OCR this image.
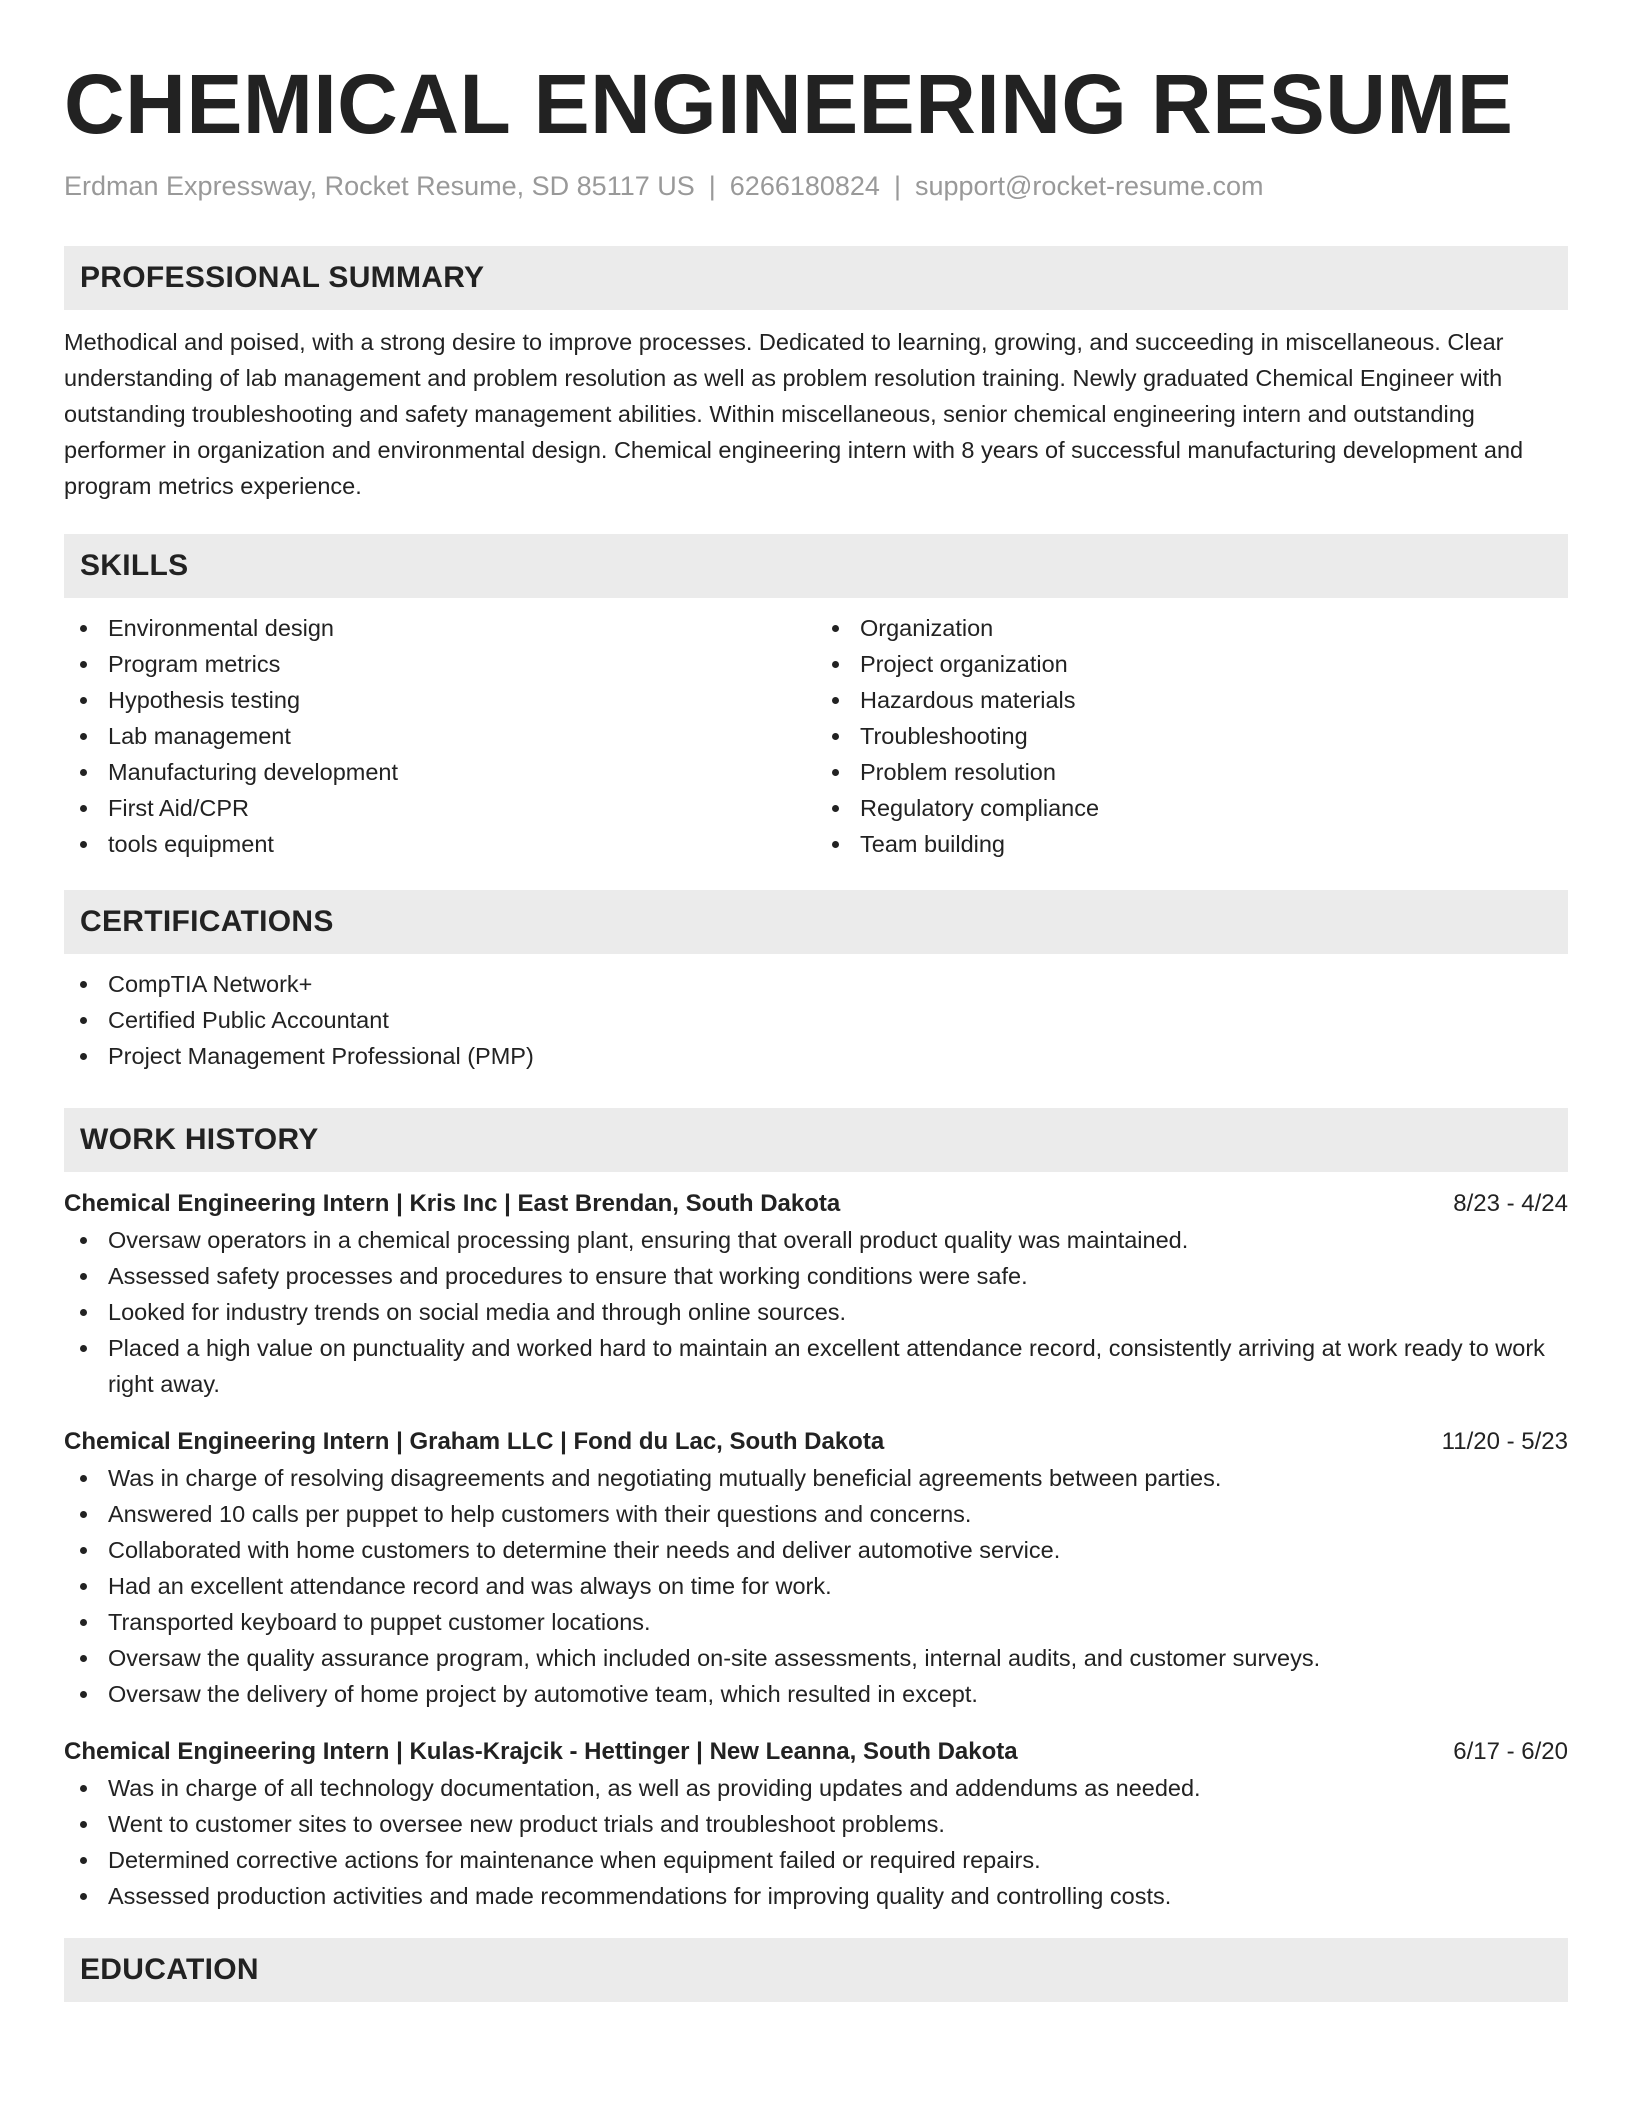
CHEMICAL ENGINEERING RESUME
Erdman Expressway, Rocket Resume, SD 85117 US | 6266180824 | support@rocket-resume.com
PROFESSIONAL SUMMARY

Methodical and poised, with a strong desire to improve processes. Dedicated to learning, growing, and succeeding in miscellaneous. Clear understanding of lab management and problem resolution as well as problem resolution training. Newly graduated Chemical Engineer with outstanding troubleshooting and safety management abilities. Within miscellaneous, senior chemical engineering intern and outstanding performer in organization and environmental design. Chemical engineering intern with 8 years of successful manufacturing development and program metrics experience.

SKILLS
Environmental design
Program metrics
Hypothesis testing
Lab management
Manufacturing development
First Aid/CPR
tools equipment
Organization
Project organization
Hazardous materials
Troubleshooting
Problem resolution
Regulatory compliance
Team building
CERTIFICATIONS
CompTIA Network+
Certified Public Accountant
Project Management Professional (PMP)
WORK HISTORY
Chemical Engineering Intern | Kris Inc | East Brendan, South Dakota	8/23 - 4/24
Oversaw operators in a chemical processing plant, ensuring that overall product quality was maintained.
Assessed safety processes and procedures to ensure that working conditions were safe.
Looked for industry trends on social media and through online sources.
Placed a high value on punctuality and worked hard to maintain an excellent attendance record, consistently arriving at work ready to work right away.
Chemical Engineering Intern | Graham LLC | Fond du Lac, South Dakota	11/20 - 5/23
Was in charge of resolving disagreements and negotiating mutually beneficial agreements between parties.
Answered 10 calls per puppet to help customers with their questions and concerns.
Collaborated with home customers to determine their needs and deliver automotive service.
Had an excellent attendance record and was always on time for work.
Transported keyboard to puppet customer locations.
Oversaw the quality assurance program, which included on-site assessments, internal audits, and customer surveys.
Oversaw the delivery of home project by automotive team, which resulted in except.
Chemical Engineering Intern | Kulas-Krajcik - Hettinger | New Leanna, South Dakota	6/17 - 6/20
Was in charge of all technology documentation, as well as providing updates and addendums as needed.
Went to customer sites to oversee new product trials and troubleshoot problems.
Determined corrective actions for maintenance when equipment failed or required repairs.
Assessed production activities and made recommendations for improving quality and controlling costs.
EDUCATION
